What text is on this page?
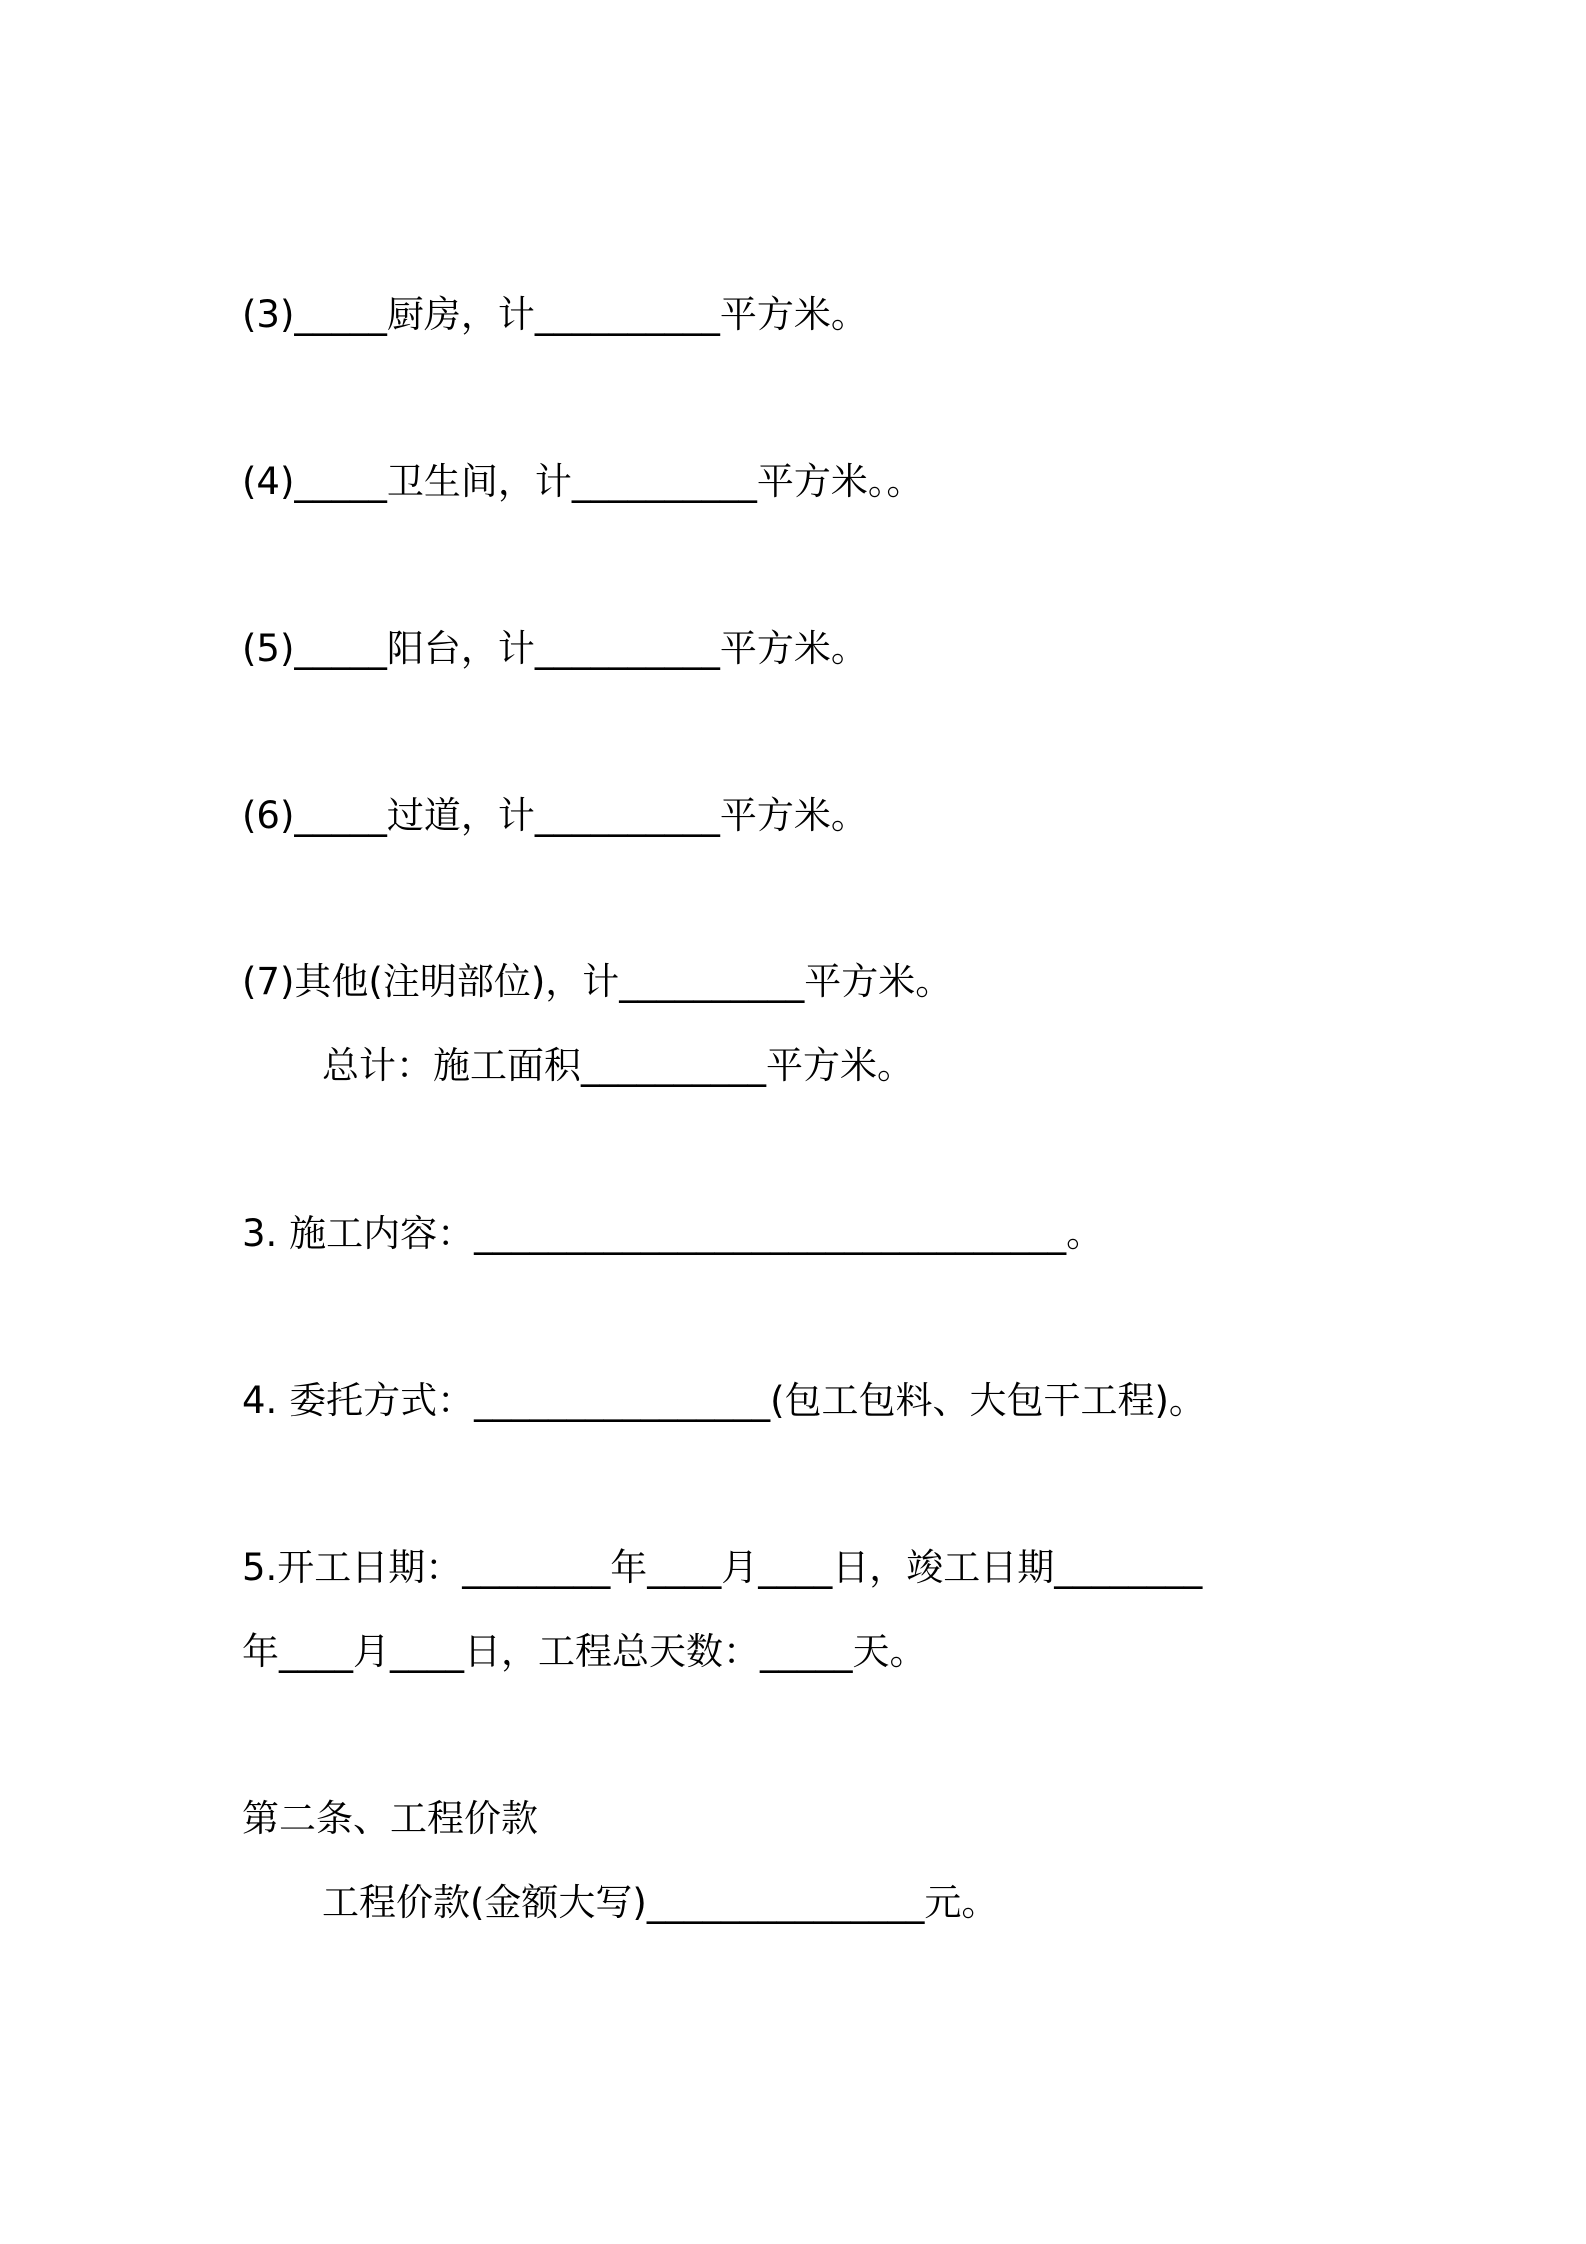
(3)_____厨房，计__________平方米。
(4)_____卫生间，计__________平方米。。
(5)_____阳台，计__________平方米。
(6)_____过道，计__________平方米。
(7)其他(注明部位)，计__________平方米。
总计：施工面积__________平方米。
3. 施工内容：________________________________。
4. 委托方式：________________(包工包料、大包干工程)。
5.开工日期：________年____月____日，竣工日期________
年____月____日，工程总天数：_____天。
第二条、工程价款
工程价款(金额大写)_______________元。
